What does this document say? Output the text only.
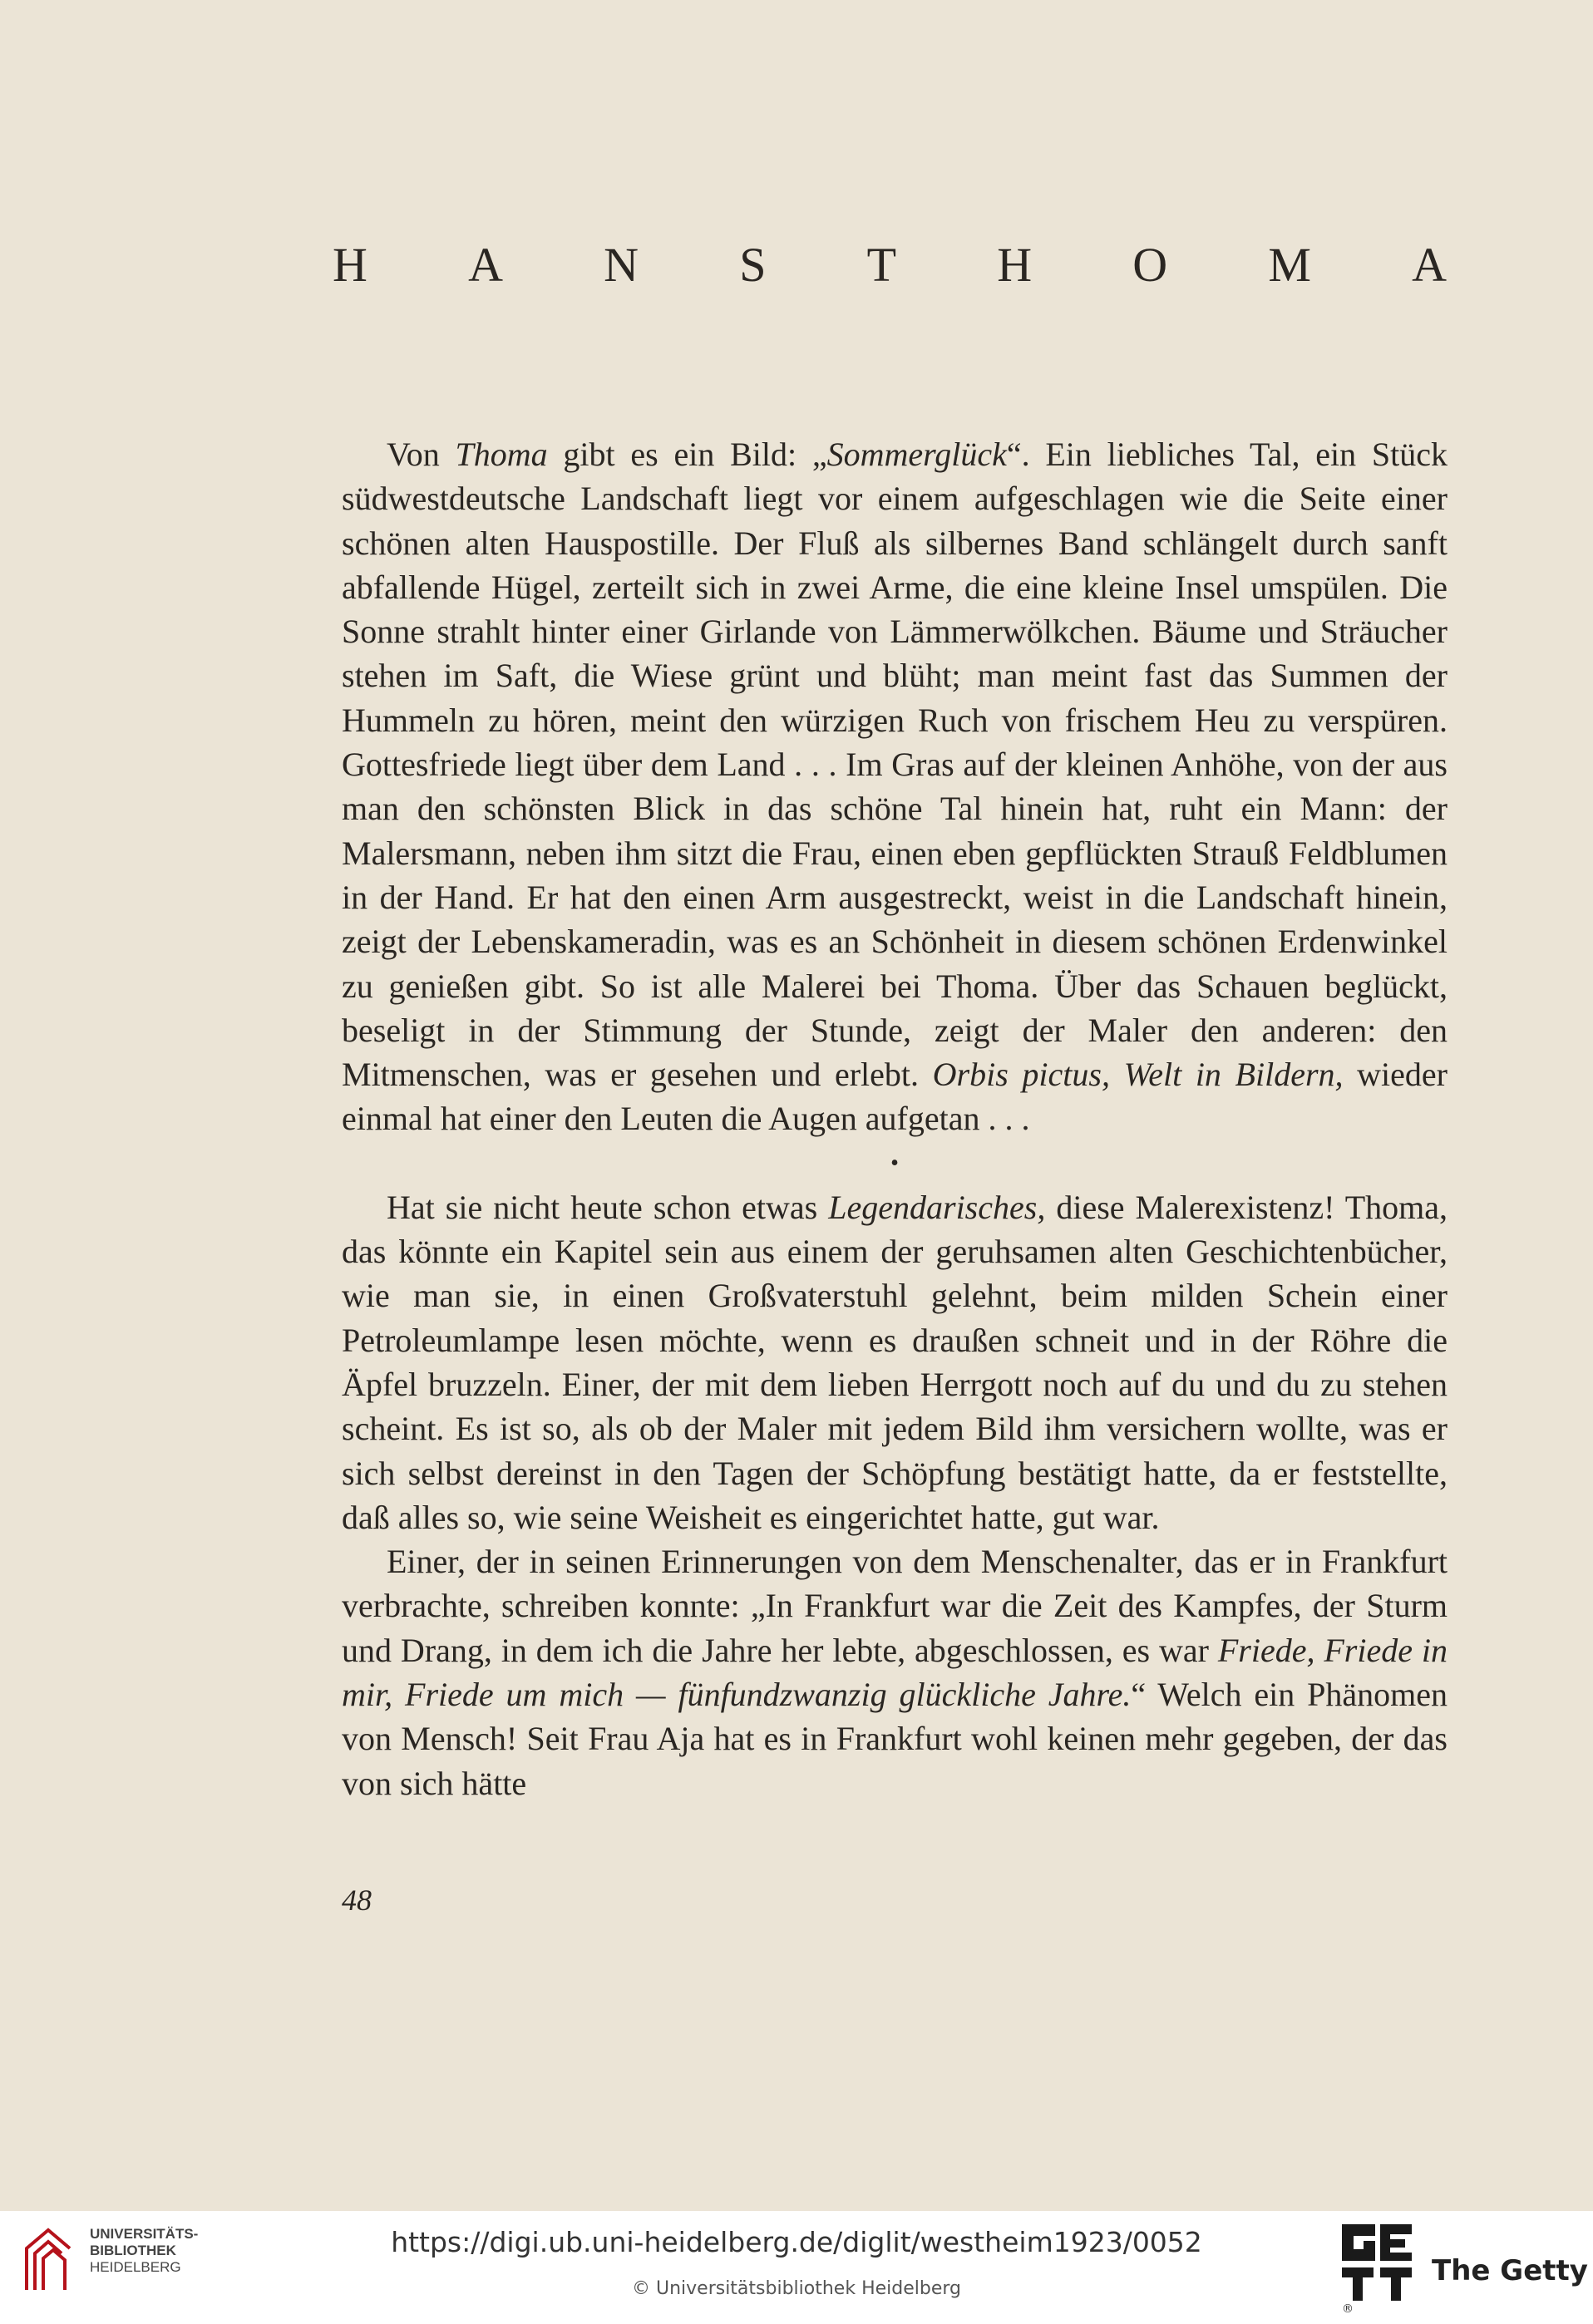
H A N S T H O M A

Von Thoma gibt es ein Bild: „Sommerglück“. Ein liebliches Tal, ein Stück südwestdeutsche Landschaft liegt vor einem aufgeschlagen wie die Seite einer schönen alten Hauspostille. Der Fluß als silbernes Band schlängelt durch sanft abfallende Hügel, zerteilt sich in zwei Arme, die eine kleine Insel umspülen. Die Sonne strahlt hinter einer Girlande von Lämmerwölkchen. Bäume und Sträucher stehen im Saft, die Wiese grünt und blüht; man meint fast das Summen der Hummeln zu hören, meint den würzigen Ruch von frischem Heu zu verspüren. Gottesfriede liegt über dem Land . . . Im Gras auf der kleinen Anhöhe, von der aus man den schönsten Blick in das schöne Tal hinein hat, ruht ein Mann: der Malersmann, neben ihm sitzt die Frau, einen eben gepflückten Strauß Feldblumen in der Hand. Er hat den einen Arm ausgestreckt, weist in die Landschaft hinein, zeigt der Lebenskameradin, was es an Schönheit in diesem schönen Erdenwinkel zu genießen gibt. So ist alle Malerei bei Thoma. Über das Schauen beglückt, beseligt in der Stimmung der Stunde, zeigt der Maler den anderen: den Mitmenschen, was er gesehen und erlebt. Orbis pictus, Welt in Bildern, wieder einmal hat einer den Leuten die Augen aufgetan . . .

•

Hat sie nicht heute schon etwas Legendarisches, diese Malerexistenz! Thoma, das könnte ein Kapitel sein aus einem der geruhsamen alten Geschichtenbücher, wie man sie, in einen Großvaterstuhl gelehnt, beim milden Schein einer Petroleumlampe lesen möchte, wenn es draußen schneit und in der Röhre die Äpfel bruzzeln. Einer, der mit dem lieben Herrgott noch auf du und du zu stehen scheint. Es ist so, als ob der Maler mit jedem Bild ihm versichern wollte, was er sich selbst dereinst in den Tagen der Schöpfung bestätigt hatte, da er feststellte, daß alles so, wie seine Weisheit es eingerichtet hatte, gut war.

Einer, der in seinen Erinnerungen von dem Menschenalter, das er in Frankfurt verbrachte, schreiben konnte: „In Frankfurt war die Zeit des Kampfes, der Sturm und Drang, in dem ich die Jahre her lebte, abgeschlossen, es war Friede, Friede in mir, Friede um mich — fünfundzwanzig glückliche Jahre.“ Welch ein Phänomen von Mensch! Seit Frau Aja hat es in Frankfurt wohl keinen mehr gegeben, der das von sich hätte

48
UNIVERSITÄTS-
BIBLIOTHEK
HEIDELBERG
https://digi.ub.uni-heidelberg.de/diglit/westheim1923/0052
© Universitätsbibliothek Heidelberg
®
The Getty
